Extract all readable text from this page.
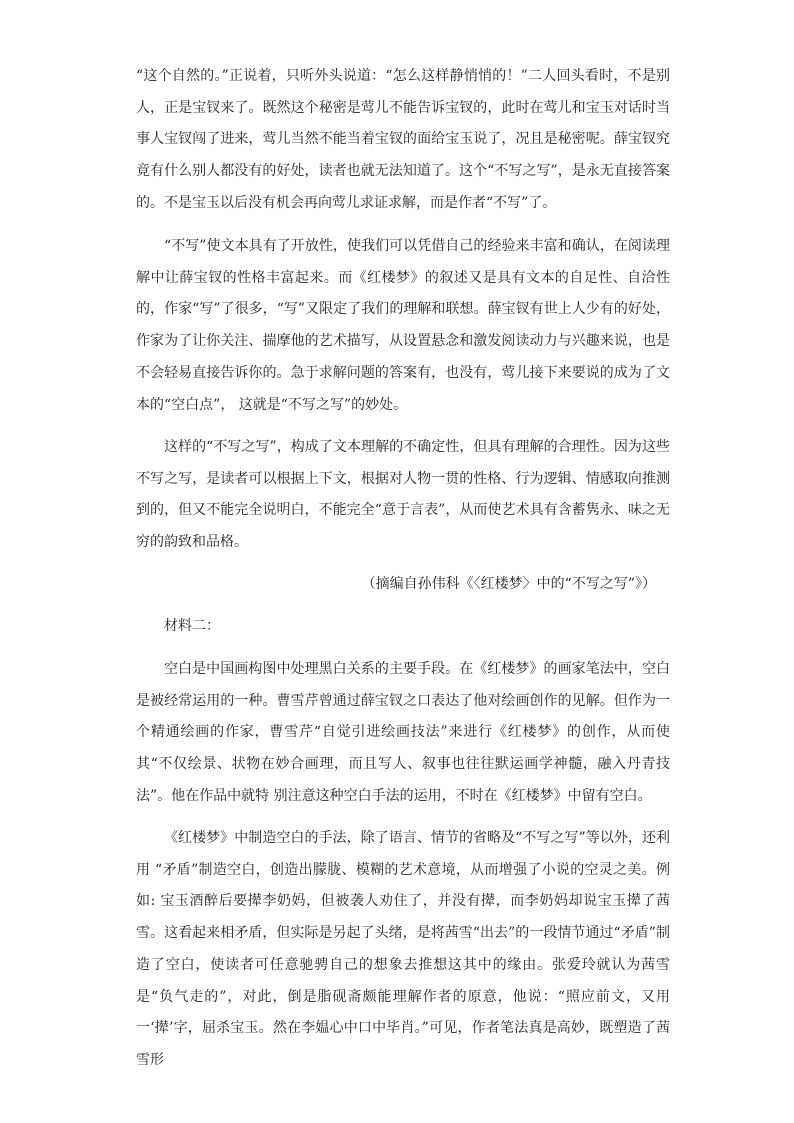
“这个自然的。”正说着，只听外头说道：“怎么这样静悄悄的！”二人回头看时，不是别人，正是宝钗来了。既然这个秘密是莺儿不能告诉宝钗的，此时在莺儿和宝玉对话时当事人宝钗闯了进来，莺儿当然不能当着宝钗的面给宝玉说了，况且是秘密呢。薛宝钗究竟有什么别人都没有的好处，读者也就无法知道了。这个“不写之写”，是永无直接答案的。不是宝玉以后没有机会再向莺儿求证求解，而是作者“不写”了。

“不写”使文本具有了开放性，使我们可以凭借自己的经验来丰富和确认，在阅读理解中让薛宝钗的性格丰富起来。而《红楼梦》的叙述又是具有文本的自足性、自洽性的，作家“写”了很多，“写”又限定了我们的理解和联想。薛宝钗有世上人少有的好处，作家为了让你关注、揣摩他的艺术描写，从设置悬念和激发阅读动力与兴趣来说，也是不会轻易直接告诉你的。急于求解问题的答案有，也没有，莺儿接下来要说的成为了文本的“空白点”， 这就是“不写之写”的妙处。

这样的“不写之写”，构成了文本理解的不确定性，但具有理解的合理性。因为这些不写之写，是读者可以根据上下文，根据对人物一贯的性格、行为逻辑、情感取向推测到的，但又不能完全说明白，不能完全“意于言表”，从而使艺术具有含蓄隽永、味之无穷的韵致和品格。

（摘编自孙伟科《〈红楼梦〉中的“不写之写”》）

材料二：

空白是中国画构图中处理黑白关系的主要手段。在《红楼梦》的画家笔法中，空白是被经常运用的一种。曹雪芹曾通过薛宝钗之口表达了他对绘画创作的见解。但作为一个精通绘画的作家，曹雪芹“自觉引进绘画技法”来进行《红楼梦》的创作，从而使其“不仅绘景、状物在妙合画理，而且写人、叙事也往往默运画学神髓，融入丹青技法”。他在作品中就特 别注意这种空白手法的运用，不时在《红楼梦》中留有空白。

《红楼梦》中制造空白的手法，除了语言、情节的省略及“不写之写”等以外，还利用 “矛盾”制造空白，创造出朦胧、模糊的艺术意境，从而增强了小说的空灵之美。例如: 宝玉酒醉后要撵李奶妈，但被袭人劝住了，并没有撵，而李奶妈却说宝玉撵了茜雪。这看起来相矛盾，但实际是另起了头绪，是将茜雪“出去”的一段情节通过“矛盾”制造了空白，使读者可任意驰骋自己的想象去推想这其中的缘由。张爱玲就认为茜雪是“负气走的”，对此，倒是脂砚斋颇能理解作者的原意，他说：“照应前文，又用一‘撵’字，屈杀宝玉。然在李媪心中口中毕肖。”可见，作者笔法真是高妙，既塑造了茜雪形
